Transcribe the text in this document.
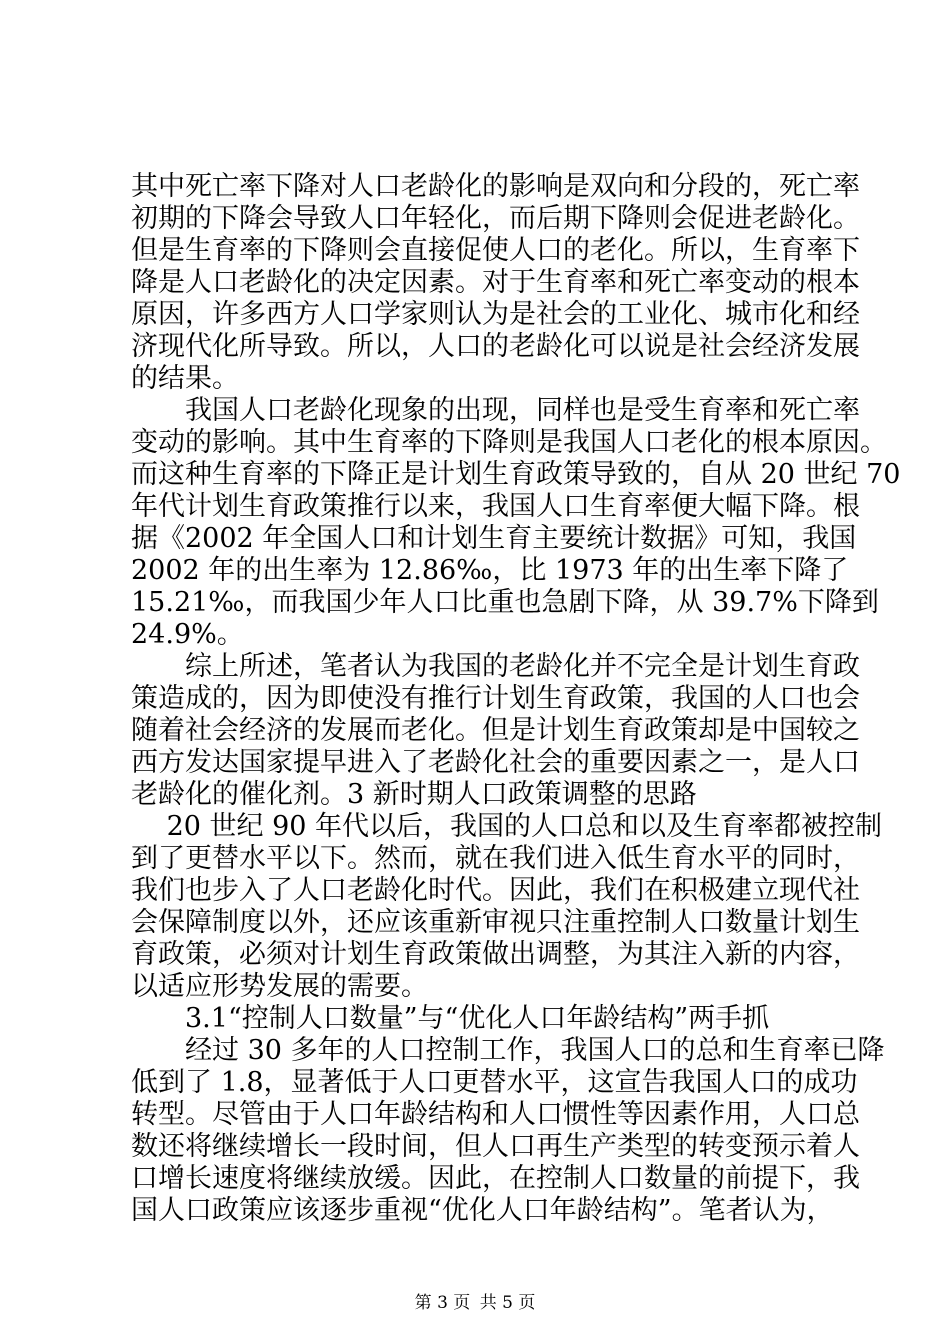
其中死亡率下降对人口老龄化的影响是双向和分段的，死亡率
初期的下降会导致人口年轻化，而后期下降则会促进老龄化。
但是生育率的下降则会直接促使人口的老化。所以，生育率下
降是人口老龄化的决定因素。对于生育率和死亡率变动的根本
原因，许多西方人口学家则认为是社会的工业化、城市化和经
济现代化所导致。所以，人口的老龄化可以说是社会经济发展
的结果。
　　我国人口老龄化现象的出现，同样也是受生育率和死亡率
变动的影响。其中生育率的下降则是我国人口老化的根本原因。
而这种生育率的下降正是计划生育政策导致的，自从 20 世纪 70
年代计划生育政策推行以来，我国人口生育率便大幅下降。根
据《2002 年全国人口和计划生育主要统计数据》可知，我国
2002 年的出生率为 12.86‰，比 1973 年的出生率下降了
15.21‰，而我国少年人口比重也急剧下降，从 39.7%下降到
24.9%。
　　综上所述，笔者认为我国的老龄化并不完全是计划生育政
策造成的，因为即使没有推行计划生育政策，我国的人口也会
随着社会经济的发展而老化。但是计划生育政策却是中国较之
西方发达国家提早进入了老龄化社会的重要因素之一，是人口
老龄化的催化剂。3 新时期人口政策调整的思路
　 20 世纪 90 年代以后，我国的人口总和以及生育率都被控制
到了更替水平以下。然而，就在我们进入低生育水平的同时，
我们也步入了人口老龄化时代。因此，我们在积极建立现代社
会保障制度以外，还应该重新审视只注重控制人口数量计划生
育政策，必须对计划生育政策做出调整，为其注入新的内容，
以适应形势发展的需要。
　　3.1“控制人口数量”与“优化人口年龄结构”两手抓
　　经过 30 多年的人口控制工作，我国人口的总和生育率已降
低到了 1.8，显著低于人口更替水平，这宣告我国人口的成功
转型。尽管由于人口年龄结构和人口惯性等因素作用，人口总
数还将继续增长一段时间，但人口再生产类型的转变预示着人
口增长速度将继续放缓。因此，在控制人口数量的前提下，我
国人口政策应该逐步重视“优化人口年龄结构”。笔者认为，
第 3 页 共 5 页
